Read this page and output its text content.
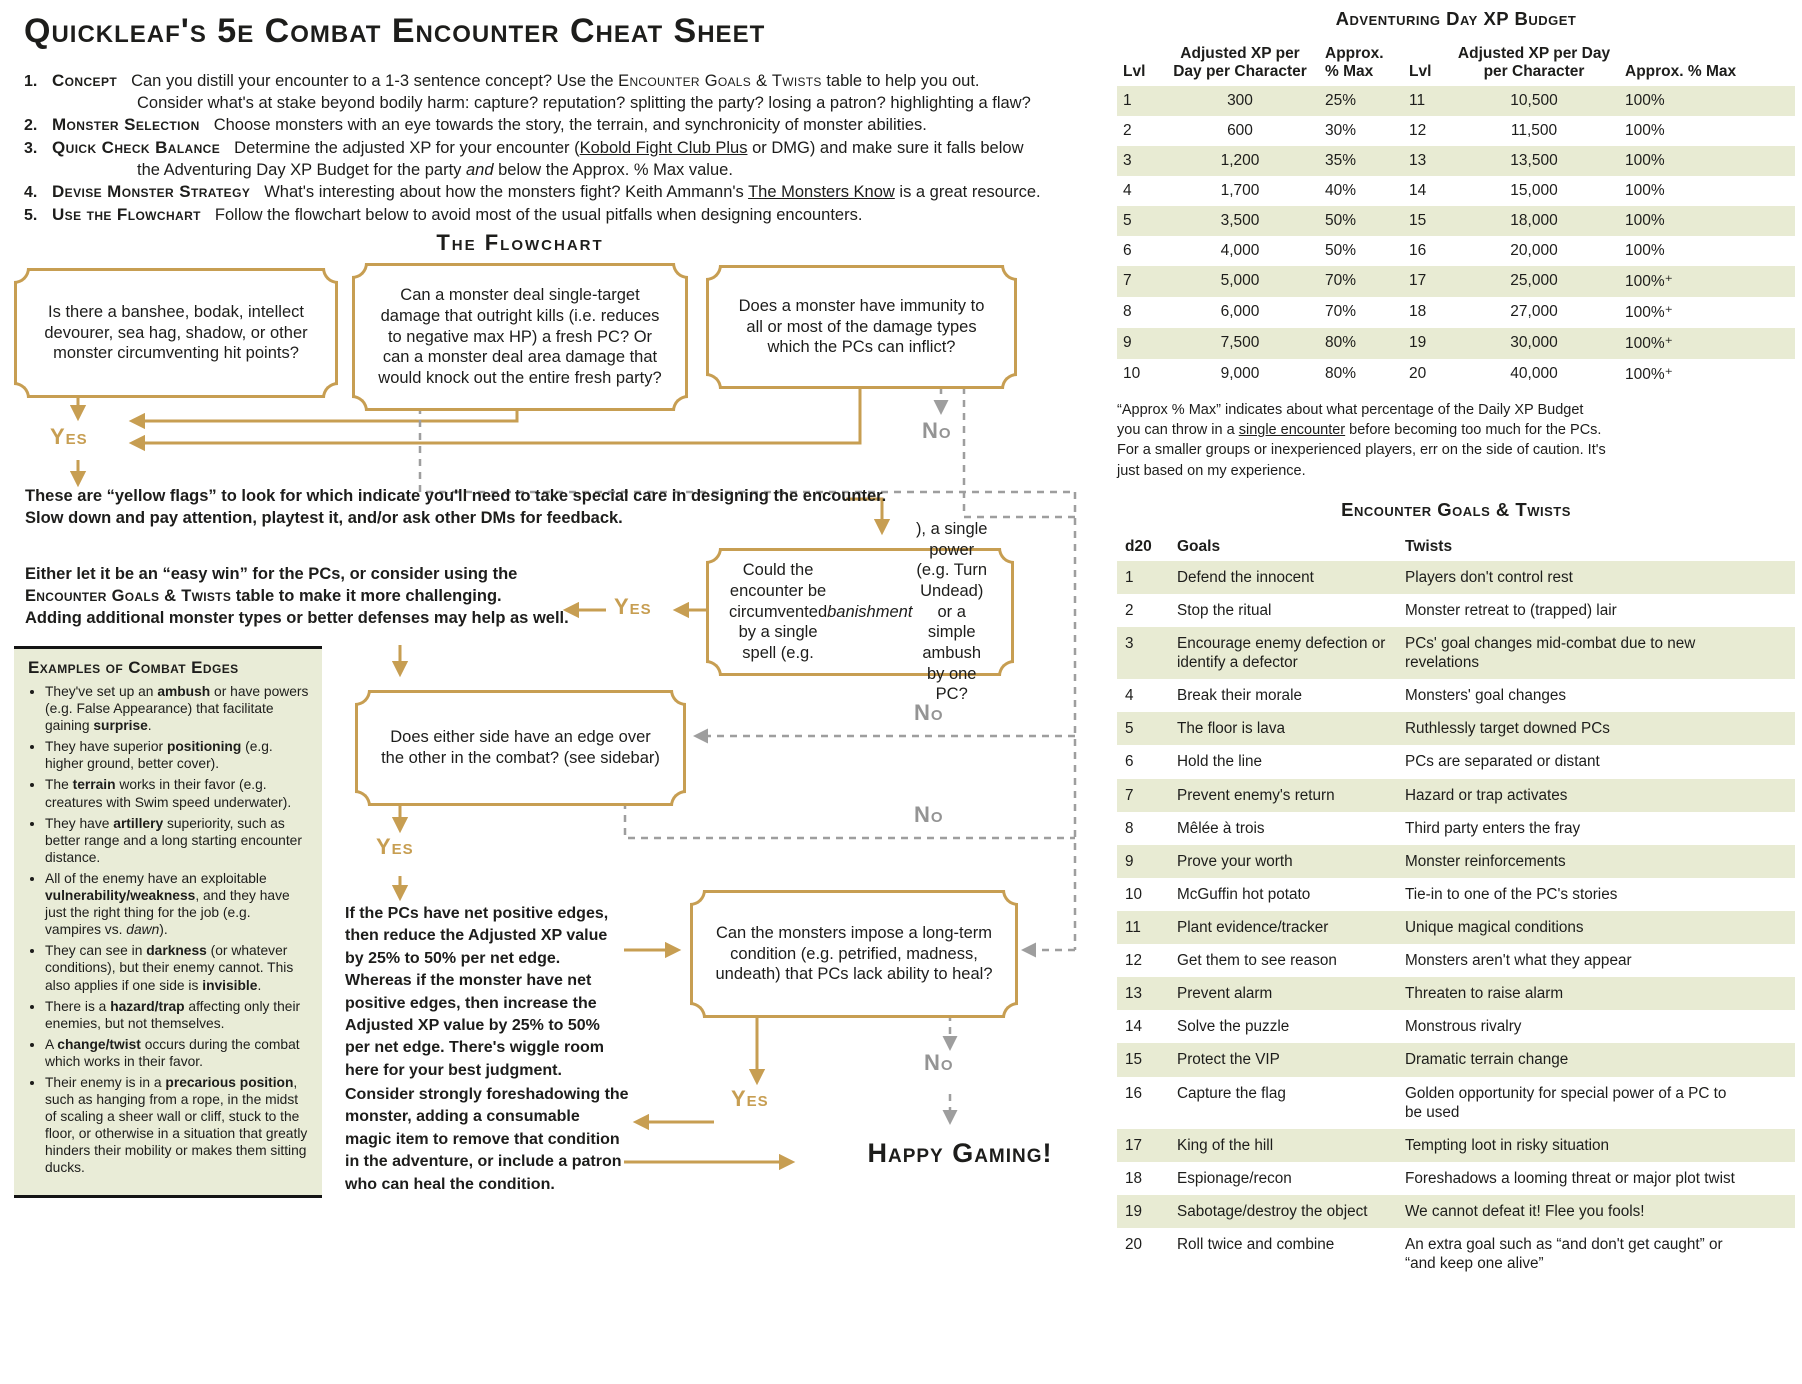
Quickleaf's 5e Combat Encounter Cheat Sheet
1. Concept Can you distill your encounter to a 1-3 sentence concept? Use the Encounter Goals & Twists table to help you out.
Consider what's at stake beyond bodily harm: capture? reputation? splitting the party? losing a patron? highlighting a flaw?
2. Monster Selection Choose monsters with an eye towards the story, the terrain, and synchronicity of monster abilities.
3. Quick Check Balance Determine the adjusted XP for your encounter (Kobold Fight Club Plus or DMG) and make sure it falls below
the Adventuring Day XP Budget for the party and below the Approx. % Max value.
4. Devise Monster Strategy What's interesting about how the monsters fight? Keith Ammann's The Monsters Know is a great resource.
5. Use the Flowchart Follow the flowchart below to avoid most of the usual pitfalls when designing encounters.
The Flowchart
Is there a banshee, bodak, intellect devourer, sea hag, shadow, or other monster circumventing hit points?
Can a monster deal single-target damage that outright kills (i.e. reduces to negative max HP) a fresh PC? Or can a monster deal area damage that would knock out the entire fresh party?
Does a monster have immunity to all or most of the damage types which the PCs can inflict?
Could the encounter be circumvented by a single spell (e.g.
banishment
), a single power (e.g. Turn Undead) or a simple ambush by one PC?
Does either side have an edge over the other in the combat? (see sidebar)
Can the monsters impose a long-term condition (e.g. petrified, madness, undeath) that PCs lack ability to heal?
Yes	No
Yes
No
Yes
No
Yes
No
Happy Gaming!
These are “yellow flags” to look for which indicate you'll need to take special care in designing the encounter.
Slow down and pay attention, playtest it, and/or ask other DMs for feedback.
Either let it be an “easy win” for the PCs, or consider using the
Encounter Goals & Twists table to make it more challenging.
Adding additional monster types or better defenses may help as well.
If the PCs have net positive edges,
then reduce the Adjusted XP value
by 25% to 50% per net edge.
Whereas if the monster have net
positive edges, then increase the
Adjusted XP value by 25% to 50%
per net edge. There's wiggle room
here for your best judgment.
Consider strongly foreshadowing the
monster, adding a consumable
magic item to remove that condition
in the adventure, or include a patron
who can heal the condition.
Examples of Combat Edges
• They've set up an ambush or have powers (e.g. False Appearance) that facilitate gaining surprise.
• They have superior positioning (e.g. higher ground, better cover).
• The terrain works in their favor (e.g. creatures with Swim speed underwater).
• They have artillery superiority, such as better range and a long starting encounter distance.
• All of the enemy have an exploitable vulnerability/weakness, and they have just the right thing for the job (e.g. vampires vs. dawn).
• They can see in darkness (or whatever conditions), but their enemy cannot. This also applies if one side is invisible.
• There is a hazard/trap affecting only their enemies, but not themselves.
• A change/twist occurs during the combat which works in their favor.
• Their enemy is in a precarious position, such as hanging from a rope, in the midst of scaling a sheer wall or cliff, stuck to the floor, or otherwise in a situation that greatly hinders their mobility or makes them sitting ducks.
Adventuring Day XP Budget
Lvl	Adjusted XP per Day per Character	Approx. % Max	Lvl	Adjusted XP per Day per Character	Approx. % Max
1	300	25%	11	10,500	100%
2	600	30%	12	11,500	100%
3	1,200	35%	13	13,500	100%
4	1,700	40%	14	15,000	100%
5	3,500	50%	15	18,000	100%
6	4,000	50%	16	20,000	100%
7	5,000	70%	17	25,000	100%⁺
8	6,000	70%	18	27,000	100%⁺
9	7,500	80%	19	30,000	100%⁺
10	9,000	80%	20	40,000	100%⁺
“Approx % Max” indicates about what percentage of the Daily XP Budget
you can throw in a single encounter before becoming too much for the PCs.
For a smaller groups or inexperienced players, err on the side of caution. It's
just based on my experience.
Encounter Goals & Twists
d20	Goals	Twists
1	Defend the innocent	Players don't control rest
2	Stop the ritual	Monster retreat to (trapped) lair
3	Encourage enemy defection or identify a defector	PCs' goal changes mid-combat due to new revelations
4	Break their morale	Monsters' goal changes
5	The floor is lava	Ruthlessly target downed PCs
6	Hold the line	PCs are separated or distant
7	Prevent enemy's return	Hazard or trap activates
8	Mêlée à trois	Third party enters the fray
9	Prove your worth	Monster reinforcements
10	McGuffin hot potato	Tie-in to one of the PC's stories
11	Plant evidence/tracker	Unique magical conditions
12	Get them to see reason	Monsters aren't what they appear
13	Prevent alarm	Threaten to raise alarm
14	Solve the puzzle	Monstrous rivalry
15	Protect the VIP	Dramatic terrain change
16	Capture the flag	Golden opportunity for special power of a PC to be used
17	King of the hill	Tempting loot in risky situation
18	Espionage/recon	Foreshadows a looming threat or major plot twist
19	Sabotage/destroy the object	We cannot defeat it! Flee you fools!
20	Roll twice and combine	An extra goal such as “and don't get caught” or “and keep one alive”
